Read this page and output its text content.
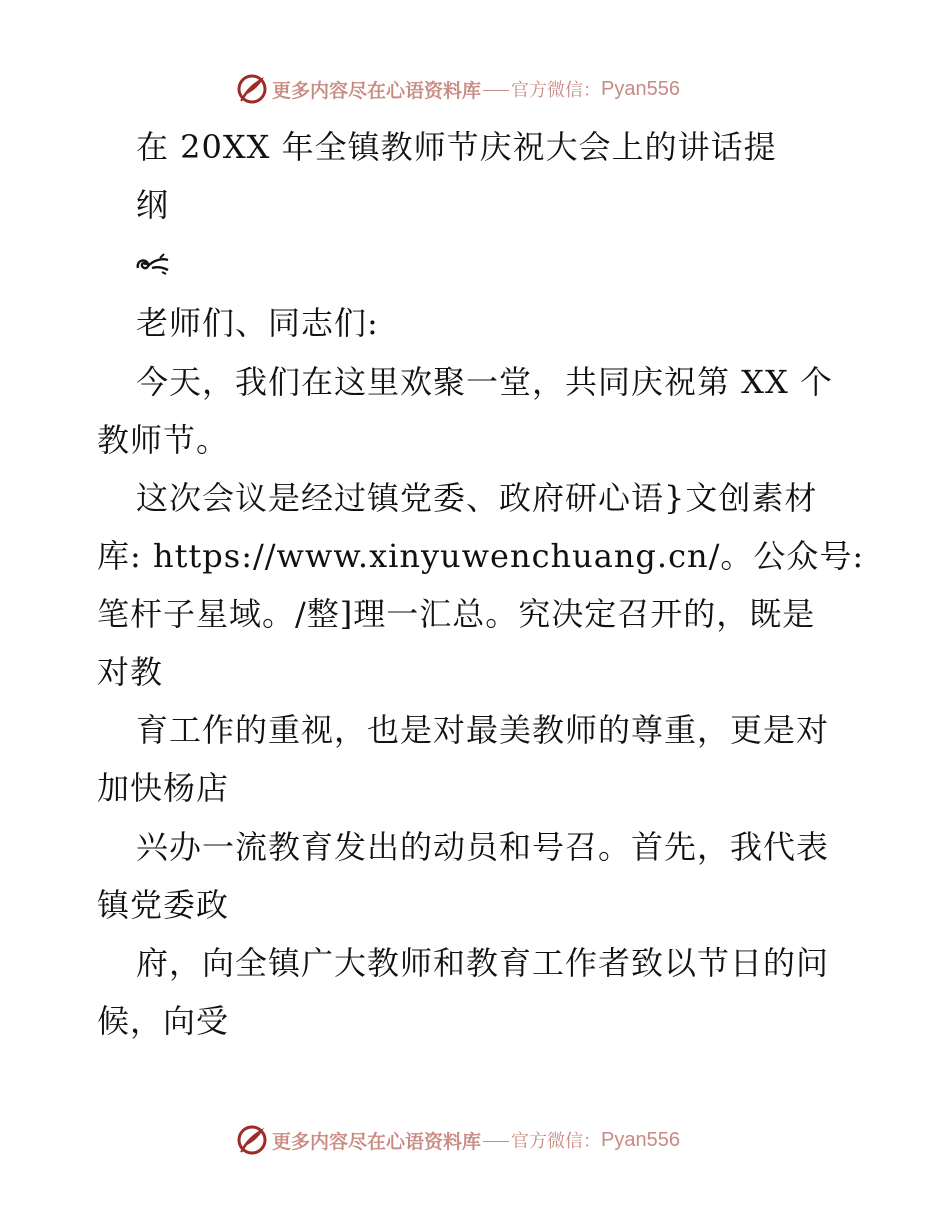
更多内容尽在心语资料库 官方微信： Pyan556
在 20XX 年全镇教师节庆祝大会上的讲话提
纲
老师们、同志们:
今天，我们在这里欢聚一堂，共同庆祝第 XX 个
教师节。
这次会议是经过镇党委、政府研心语}文创素材
库: https://www.xinyuwenchuang.cn/。公众号:
笔杆子星域。/整]理一汇总。究决定召开的，既是
对教
育工作的重视，也是对最美教师的尊重，更是对
加快杨店
兴办一流教育发出的动员和号召。首先，我代表
镇党委政
府，向全镇广大教师和教育工作者致以节日的问
候，向受
更多内容尽在心语资料库 官方微信： Pyan556
